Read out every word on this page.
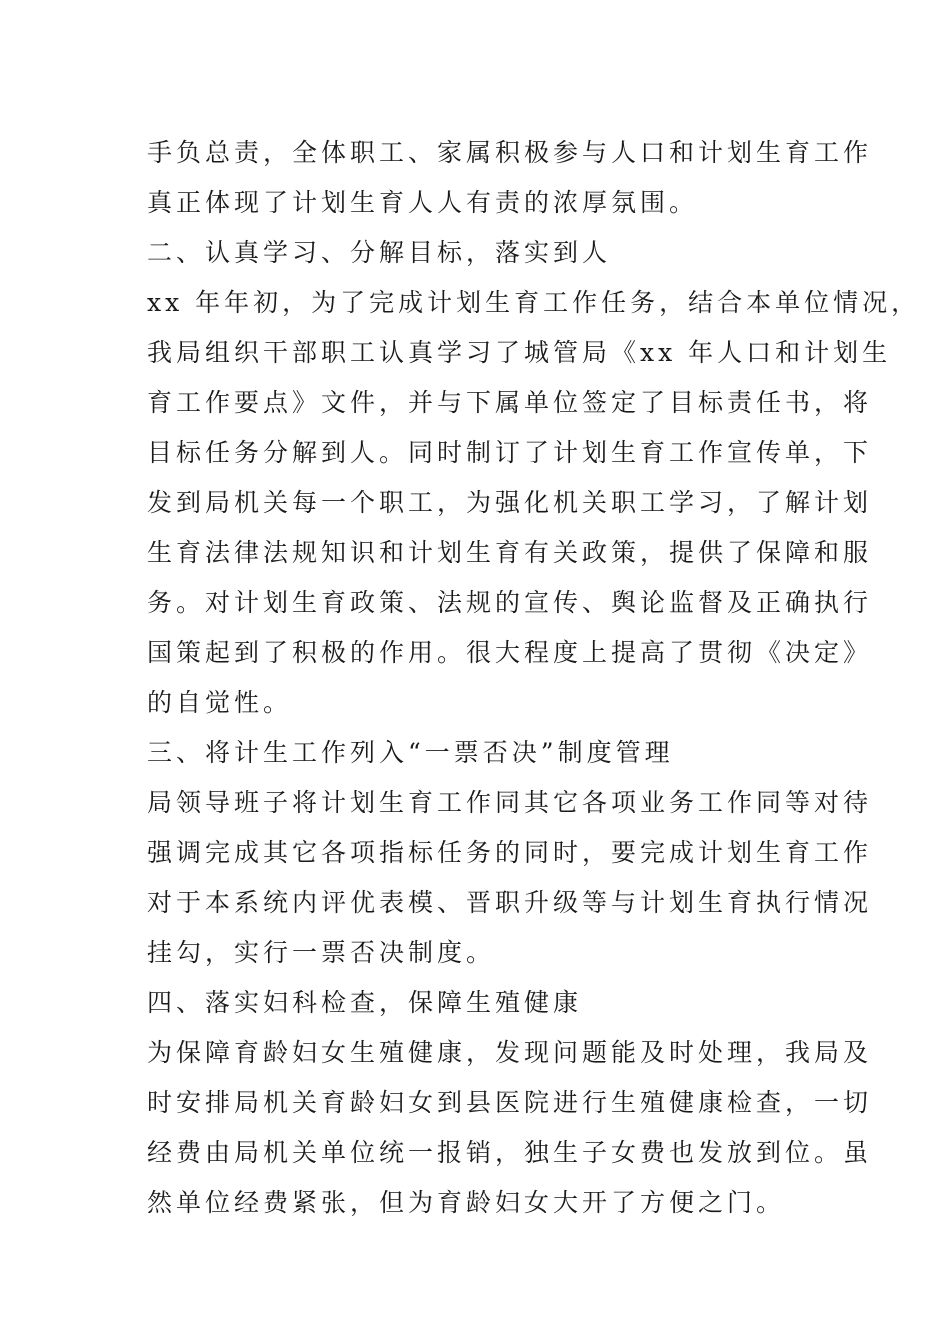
手负总责，全体职工、家属积极参与人口和计划生育工作
真正体现了计划生育人人有责的浓厚氛围。
二、认真学习、分解目标，落实到人
xx 年年初，为了完成计划生育工作任务，结合本单位情况，
我局组织干部职工认真学习了城管局《xx 年人口和计划生
育工作要点》文件，并与下属单位签定了目标责任书，将
目标任务分解到人。同时制订了计划生育工作宣传单，下
发到局机关每一个职工，为强化机关职工学习，了解计划
生育法律法规知识和计划生育有关政策，提供了保障和服
务。对计划生育政策、法规的宣传、舆论监督及正确执行
国策起到了积极的作用。很大程度上提高了贯彻《决定》
的自觉性。
三、将计生工作列入“一票否决”制度管理
局领导班子将计划生育工作同其它各项业务工作同等对待
强调完成其它各项指标任务的同时，要完成计划生育工作
对于本系统内评优表模、晋职升级等与计划生育执行情况
挂勾，实行一票否决制度。
四、落实妇科检查，保障生殖健康
为保障育龄妇女生殖健康，发现问题能及时处理，我局及
时安排局机关育龄妇女到县医院进行生殖健康检查，一切
经费由局机关单位统一报销，独生子女费也发放到位。虽
然单位经费紧张，但为育龄妇女大开了方便之门。
